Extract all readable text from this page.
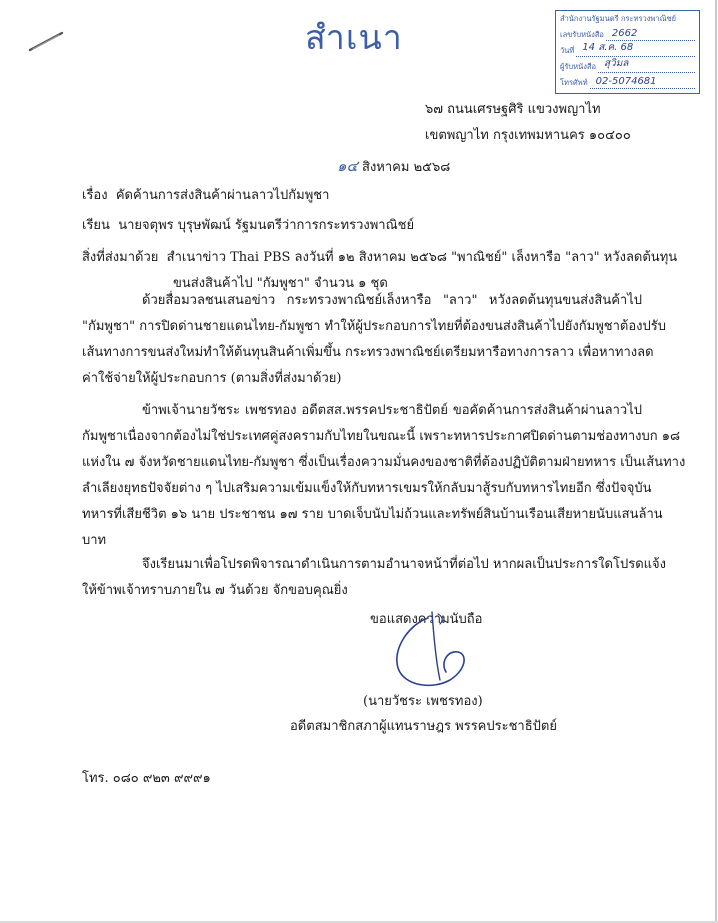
สำเนา	สำนักงานรัฐมนตรี กระทรวงพาณิชย์
เลขรับหนังสือ 2662
วันที่ 14 ส.ค. 68
ผู้รับหนังสือ สุวิมล
โทรศัพท์ 02-5074681
๖๗ ถนนเศรษฐศิริ แขวงพญาไท
เขตพญาไท กรุงเทพมหานคร ๑๐๔๐๐
๑๔ สิงหาคม ๒๕๖๘
เรื่อง คัดค้านการส่งสินค้าผ่านลาวไปกัมพูชา
เรียน นายจตุพร บุรุษพัฒน์ รัฐมนตรีว่าการกระทรวงพาณิชย์
สิ่งที่ส่งมาด้วย สำเนาข่าว Thai PBS ลงวันที่ ๑๒ สิงหาคม ๒๕๖๘ "พาณิชย์" เล็งหารือ "ลาว" หวังลดต้นทุน
ขนส่งสินค้าไป "กัมพูชา" จำนวน ๑ ชุด
ด้วยสื่อมวลชนเสนอข่าว กระทรวงพาณิชย์เล็งหารือ "ลาว" หวังลดต้นทุนขนส่งสินค้าไป
"กัมพูชา" การปิดด่านชายแดนไทย-กัมพูชา ทำให้ผู้ประกอบการไทยที่ต้องขนส่งสินค้าไปยังกัมพูชาต้องปรับ
เส้นทางการขนส่งใหม่ทำให้ต้นทุนสินค้าเพิ่มขึ้น กระทรวงพาณิชย์เตรียมหารือทางการลาว เพื่อหาทางลด
ค่าใช้จ่ายให้ผู้ประกอบการ (ตามสิ่งที่ส่งมาด้วย)
ข้าพเจ้านายวัชระ เพชรทอง อดีตสส.พรรคประชาธิปัตย์ ขอคัดค้านการส่งสินค้าผ่านลาวไป
กัมพูชาเนื่องจากต้องไม่ใช่ประเทศคู่สงครามกับไทยในขณะนี้ เพราะทหารประกาศปิดด่านตามช่องทางบก ๑๘
แห่งใน ๗ จังหวัดชายแดนไทย-กัมพูชา ซึ่งเป็นเรื่องความมั่นคงของชาติที่ต้องปฏิบัติตามฝ่ายทหาร เป็นเส้นทาง
ลำเลียงยุทธปัจจัยต่าง ๆ ไปเสริมความเข้มแข็งให้กับทหารเขมรให้กลับมาสู้รบกับทหารไทยอีก ซึ่งปัจจุบัน
ทหารที่เสียชีวิต ๑๖ นาย ประชาชน ๑๗ ราย บาดเจ็บนับไม่ถ้วนและทรัพย์สินบ้านเรือนเสียหายนับแสนล้าน
บาท
จึงเรียนมาเพื่อโปรดพิจารณาดำเนินการตามอำนาจหน้าที่ต่อไป หากผลเป็นประการใดโปรดแจ้ง
ให้ข้าพเจ้าทราบภายใน ๗ วันด้วย จักขอบคุณยิ่ง
ขอแสดงความนับถือ
(นายวัชระ เพชรทอง)
อดีตสมาชิกสภาผู้แทนราษฎร พรรคประชาธิปัตย์
โทร. ๐๘๐ ๙๒๓ ๙๙๙๑
